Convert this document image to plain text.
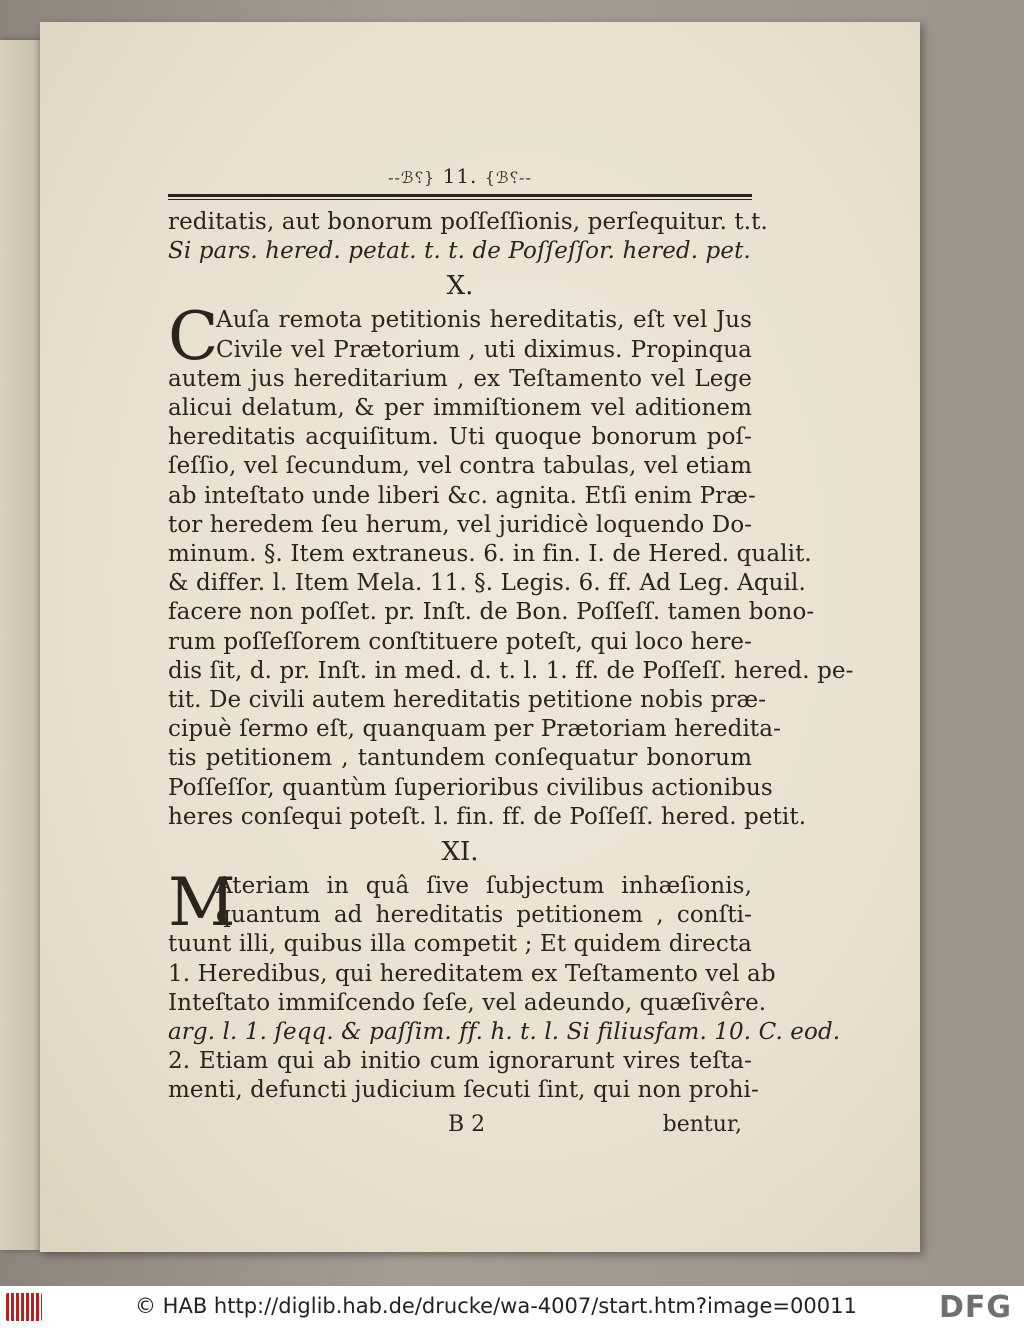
--ℬ⸮} 11. {ℬ⸮--
reditatis, aut bonorum poſſeſſionis, perſequitur. t.t.
Si pars. hered. petat. t. t. de Poſſeſſor. hered. pet.
X.
C
Auſa remota petitionis hereditatis, eſt vel Jus
Civile vel Prætorium , uti diximus. Propinqua
autem jus hereditarium , ex Teſtamento vel Lege
alicui delatum, & per immiſtionem vel aditionem
hereditatis acquiſitum. Uti quoque bonorum poſ-
ſeſſio, vel ſecundum, vel contra tabulas, vel etiam
ab inteſtato unde liberi &c. agnita. Etſi enim Præ-
tor heredem ſeu herum, vel juridicè loquendo Do-
minum. §. Item extraneus. 6. in fin. I. de Hered. qualit.
& differ. l. Item Mela. 11. §. Legis. 6. ff. Ad Leg. Aquil.
facere non poſſet. pr. Inſt. de Bon. Poſſeſſ. tamen bono-
rum poſſeſſorem conſtituere poteſt, qui loco here-
dis ſit, d. pr. Inſt. in med. d. t. l. 1. ff. de Poſſeſſ. hered. pe-
tit. De civili autem hereditatis petitione nobis præ-
cipuè ſermo eſt, quanquam per Prætoriam heredita-
tis petitionem , tantundem conſequatur bonorum
Poſſeſſor, quantùm ſuperioribus civilibus actionibus
heres conſequi poteſt. l. fin. ff. de Poſſeſſ. hered. petit.
XI.
M
Ateriam in quâ ſive ſubjectum inhæſionis,
quantum ad hereditatis petitionem , conſti-
tuunt illi, quibus illa competit ; Et quidem directa
1. Heredibus, qui hereditatem ex Teſtamento vel ab
Inteſtato immiſcendo ſeſe, vel adeundo, quæſivêre.
arg. l. 1. ſeqq. & paſſim. ff. h. t. l. Si filiusfam. 10. C. eod.
2. Etiam qui ab initio cum ignorarunt vires teſta-
menti, defuncti judicium ſecuti ſint, qui non prohi-
B 2	bentur,
© HAB http://diglib.hab.de/drucke/wa-4007/start.htm?image=00011	DFG
